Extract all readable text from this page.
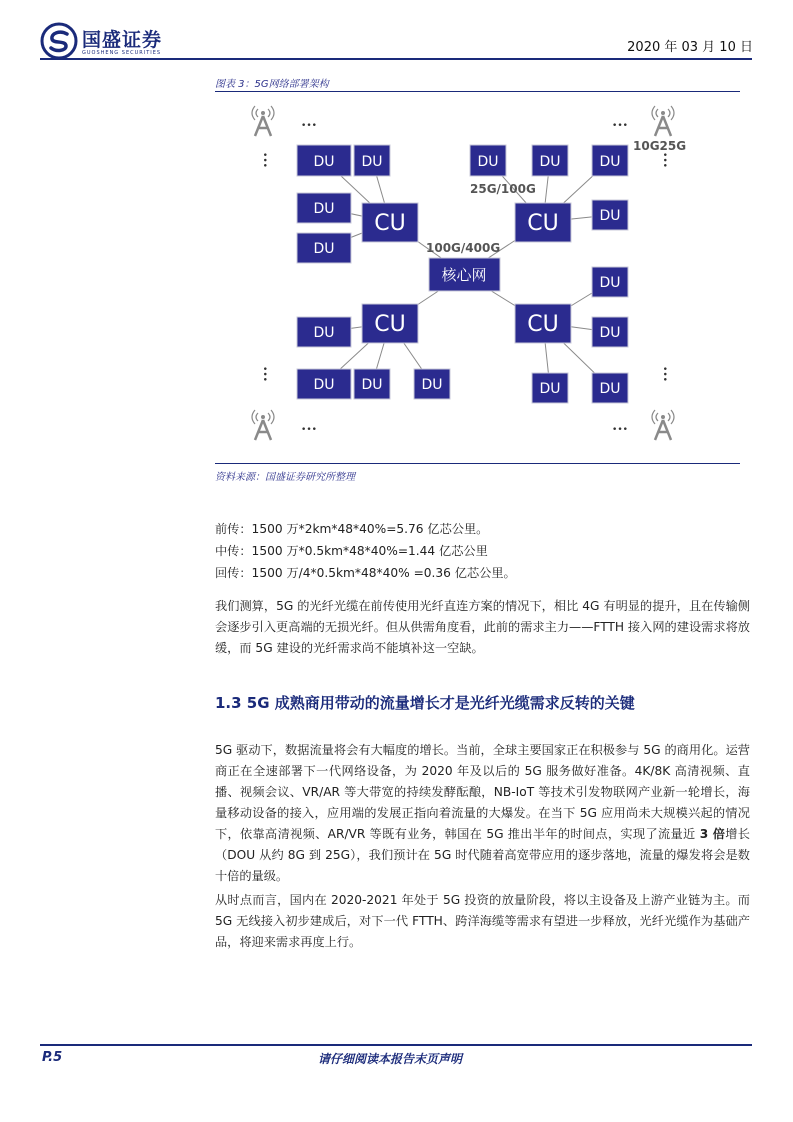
国盛证券
GUOSHENG SECURITIES	2020 年 03 月 10 日
图表 3：5G网络部署架构
•••	•••
•••	•••
•••	•••
•••	•••
DU DU
DU
DU
DU	DU	DU
DU
DU
DU DU	DU
DU
DU
DU	DU
CU	CU
CU	CU
核心网
100G/400G
25G/100G
10G25G
资料来源：国盛证券研究所整理
前传：1500 万*2km*48*40%=5.76 亿芯公里。
中传：1500 万*0.5km*48*40%=1.44 亿芯公里
回传：1500 万/4*0.5km*48*40% =0.36 亿芯公里。
我们测算，5G 的光纤光缆在前传使用光纤直连方案的情况下，相比 4G 有明显的提升，且在传输侧会逐步引入更高端的无损光纤。但从供需角度看，此前的需求主力——FTTH 接入网的建设需求将放缓，而 5G 建设的光纤需求尚不能填补这一空缺。
1.3 5G 成熟商用带动的流量增长才是光纤光缆需求反转的关键
5G 驱动下，数据流量将会有大幅度的增长。当前，全球主要国家正在积极参与 5G 的商用化。运营商正在全速部署下一代网络设备，为 2020 年及以后的 5G 服务做好准备。4K/8K 高清视频、直播、视频会议、VR/AR 等大带宽的持续发酵酝酿，NB-IoT 等技术引发物联网产业新一轮增长，海量移动设备的接入，应用端的发展正指向着流量的大爆发。在当下 5G 应用尚未大规模兴起的情况下，依靠高清视频、AR/VR 等既有业务，韩国在 5G 推出半年的时间点，实现了流量近 3 倍增长（DOU 从约 8G 到 25G），我们预计在 5G 时代随着高宽带应用的逐步落地，流量的爆发将会是数十倍的量级。
从时点而言，国内在 2020-2021 年处于 5G 投资的放量阶段，将以主设备及上游产业链为主。而 5G 无线接入初步建成后，对下一代 FTTH、跨洋海缆等需求有望进一步释放，光纤光缆作为基础产品，将迎来需求再度上行。
P.5	请仔细阅读本报告末页声明
